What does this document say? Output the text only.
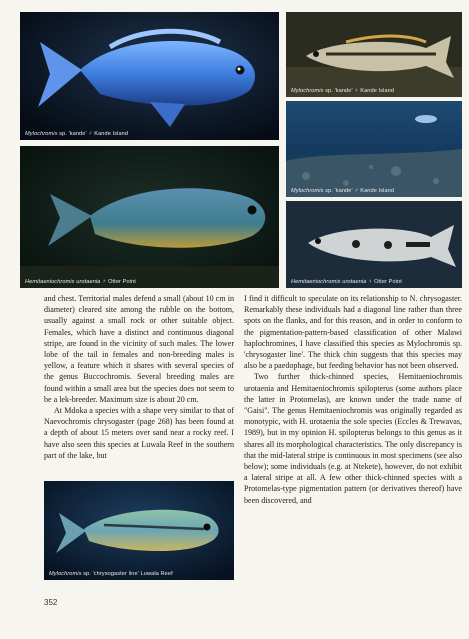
Mylochromis sp. 'kande' ♂ Kande Island
Mylochromis sp. 'kande' ♀ Kande Island
Mylochromis sp. 'kande' ♂ Kande Island
Hemitaeniochromis urotaenia ♂ Otter Point	Hemitaeniochromis urotaenia ♀ Otter Point

and chest. Territorial males defend a small (about 10 cm in diameter) cleared site among the rubble on the bottom, usually against a small rock or other suitable object. Females, which have a distinct and continuous diagonal stripe, are found in the vicinity of such males. The lower lobe of the tail in females and non-breeding males is yellow, a feature which it shares with several species of the genus Buccochromis. Several breeding males are found within a small area but the species does not seem to be a lek-breeder. Maximum size is about 20 cm.

At Mdoka a species with a shape very similar to that of Naevochromis chrysogaster (page 268) has been found at a depth of about 15 meters over sand near a rocky reef. I have also seen this species at Luwala Reef in the southern part of the lake, but

Mylochromis sp. 'chrysogaster line' Luwala Reef

I find it difficult to speculate on its relationship to N. chrysogaster. Remarkably these individuals had a diagonal line rather than three spots on the flanks, and for this reason, and in order to conform to the pigmentation-pattern-based classification of other Malawi haplochromines, I have classified this species as Mylochromis sp. 'chrysogaster line'. The thick chin suggests that this species may also be a paedophage, but feeding behavior has not been observed.

Two further thick-chinned species, Hemitaeniochromis urotaenia and Hemitaeniochromis spilopterus (some authors place the latter in Protomelas), are known under the trade name of "Gaisi". The genus Hemitaeniochromis was originally regarded as monotypic, with H. urotaenia the sole species (Eccles & Trewavas, 1989), but in my opinion H. spilopterus belongs to this genus as it shares all its morphological characteristics. The only discrepancy is that the mid-lateral stripe is continuous in most specimens (see also below); some individuals (e.g. at Ntekete), however, do not exhibit a lateral stripe at all. A few other thick-chinned species with a Protomelas-type pigmentation pattern (or derivatives thereof) have been discovered, and

352
